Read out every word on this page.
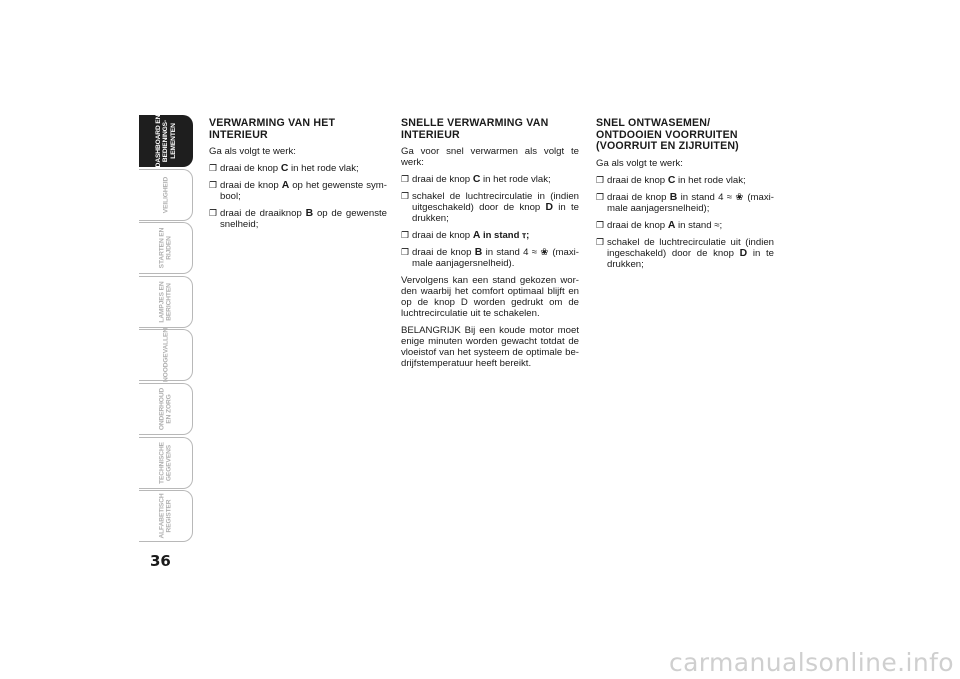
DASHBOARD EN
BEDIENINGS-
LEMENTEN
VEILIGHEID
STARTEN EN
RIJDEN
LAMPJES EN
BERICHTEN
NOODGEVALLEN
ONDERHOUD
EN ZORG
TECHNISCHE
GEGEVENS
ALFABETISCH
REGISTER
36
VERWARMING VAN HET
INTERIEUR

Ga als volgt te werk:

❐ draai de knop C in het rode vlak;
❐ draai de knop A op het gewenste sym- bool;
❐ draai de draaiknop B op de gewenste snelheid;
SNELLE VERWARMING VAN
INTERIEUR

Ga voor snel verwarmen als volgt te werk:

❐ draai de knop C in het rode vlak;
❐ schakel de luchtrecirculatie in (indien uitgeschakeld) door de knop D in te drukken;
❐ draai de knop A in stand ⲧ;
❐ draai de knop B in stand 4 ≈ ❀ (maxi- male aanjagersnelheid).

Vervolgens kan een stand gekozen wor- den waarbij het comfort optimaal blijft en op de knop D worden gedrukt om de luchtrecirculatie uit te schakelen.

BELANGRIJK Bij een koude motor moet enige minuten worden gewacht totdat de vloeistof van het systeem de optimale be- drijfstemperatuur heeft bereikt.

SNEL ONTWASEMEN/
ONTDOOIEN VOORRUITEN
(VOORRUIT EN ZIJRUITEN)

Ga als volgt te werk:

❐ draai de knop C in het rode vlak;
❐ draai de knop B in stand 4 ≈ ❀ (maxi- male aanjagersnelheid);
❐ draai de knop A in stand ≈;
❐ schakel de luchtrecirculatie uit (indien ingeschakeld) door de knop D in te drukken;
carmanualsonline.info
